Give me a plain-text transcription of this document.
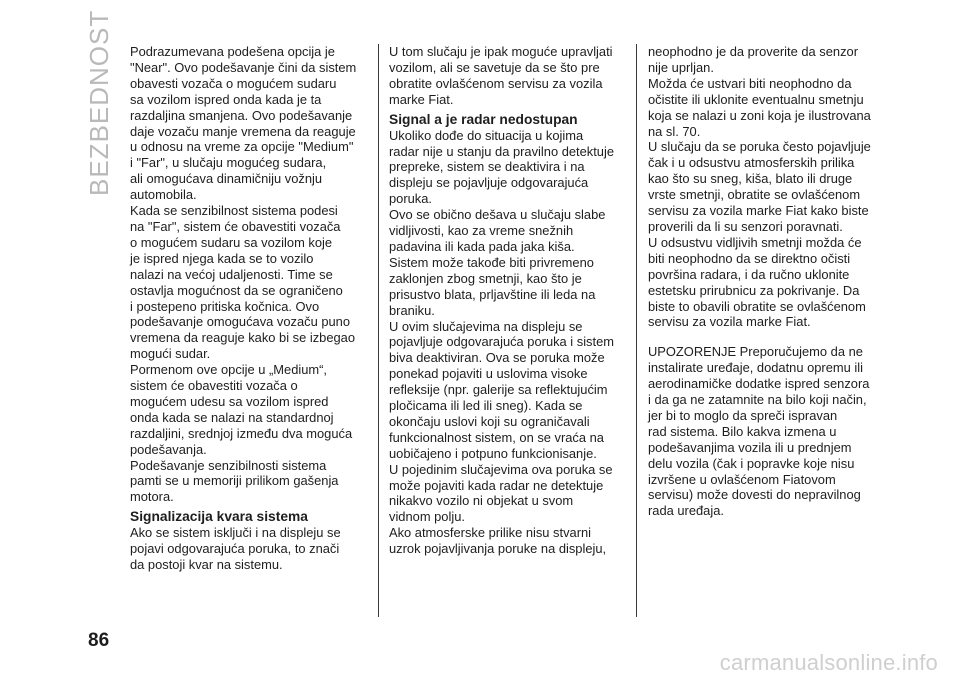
BEZBEDNOST Podrazumevana podešena opcija je
"Near". Ovo podešavanje čini da sistem
obavesti vozača o mogućem sudaru
sa vozilom ispred onda kada je ta
razdaljina smanjena. Ovo podešavanje
daje vozaču manje vremena da reaguje
u odnosu na vreme za opcije "Medium"
i "Far", u slučaju mogućeg sudara,
ali omogućava dinamičniju vožnju
automobila.

Kada se senzibilnost sistema podesi
na "Far", sistem će obavestiti vozača
o mogućem sudaru sa vozilom koje
je ispred njega kada se to vozilo
nalazi na većoj udaljenosti. Time se
ostavlja mogućnost da se ograničeno
i postepeno pritiska kočnica. Ovo
podešavanje omogućava vozaču puno
vremena da reaguje kako bi se izbegao
mogući sudar.

Pormenom ove opcije u „Medium“,
sistem će obavestiti vozača o
mogućem udesu sa vozilom ispred
onda kada se nalazi na standardnoj
razdaljini, srednjoj između dva moguća
podešavanja.

Podešavanje senzibilnosti sistema
pamti se u memoriji prilikom gašenja
motora.

Signalizacija kvara sistema

Ako se sistem isključi i na displeju se
pojavi odgovarajuća poruka, to znači
da postoji kvar na sistemu.

U tom slučaju je ipak moguće upravljati
vozilom, ali se savetuje da se što pre
obratite ovlašćenom servisu za vozila
marke Fiat.

Signal a je radar nedostupan

Ukoliko dođe do situacija u kojima
radar nije u stanju da pravilno detektuje
prepreke, sistem se deaktivira i na
displeju se pojavljuje odgovarajuća
poruka.

Ovo se obično dešava u slučaju slabe
vidljivosti, kao za vreme snežnih
padavina ili kada pada jaka kiša.

Sistem može takođe biti privremeno
zaklonjen zbog smetnji, kao što je
prisustvo blata, prljavštine ili leda na
braniku.

U ovim slučajevima na displeju se
pojavljuje odgovarajuća poruka i sistem
biva deaktiviran. Ova se poruka može
ponekad pojaviti u uslovima visoke
refleksije (npr. galerije sa reflektujućim
pločicama ili led ili sneg). Kada se
okončaju uslovi koji su ograničavali
funkcionalnost sistem, on se vraća na
uobičajeno i potpuno funkcionisanje.

U pojedinim slučajevima ova poruka se
može pojaviti kada radar ne detektuje
nikakvo vozilo ni objekat u svom
vidnom polju.

Ako atmosferske prilike nisu stvarni
uzrok pojavljivanja poruke na displeju,

neophodno je da proverite da senzor
nije uprljan.

Možda će ustvari biti neophodno da
očistite ili uklonite eventualnu smetnju
koja se nalazi u zoni koja je ilustrovana
na sl. 70.

U slučaju da se poruka često pojavljuje
čak i u odsustvu atmosferskih prilika
kao što su sneg, kiša, blato ili druge
vrste smetnji, obratite se ovlašćenom
servisu za vozila marke Fiat kako biste
proverili da li su senzori poravnati.

U odsustvu vidljivih smetnji možda će
biti neophodno da se direktno očisti
površina radara, i da ručno uklonite
estetsku prirubnicu za pokrivanje. Da
biste to obavili obratite se ovlašćenom
servisu za vozila marke Fiat.

UPOZORENJE Preporučujemo da ne
instalirate uređaje, dodatnu opremu ili
aerodinamičke dodatke ispred senzora
i da ga ne zatamnite na bilo koji način,
jer bi to moglo da spreči ispravan
rad sistema. Bilo kakva izmena u
podešavanjima vozila ili u prednjem
delu vozila (čak i popravke koje nisu
izvršene u ovlašćenom Fiatovom
servisu) može dovesti do nepravilnog
rada uređaja.

86
carmanualsonline.info
